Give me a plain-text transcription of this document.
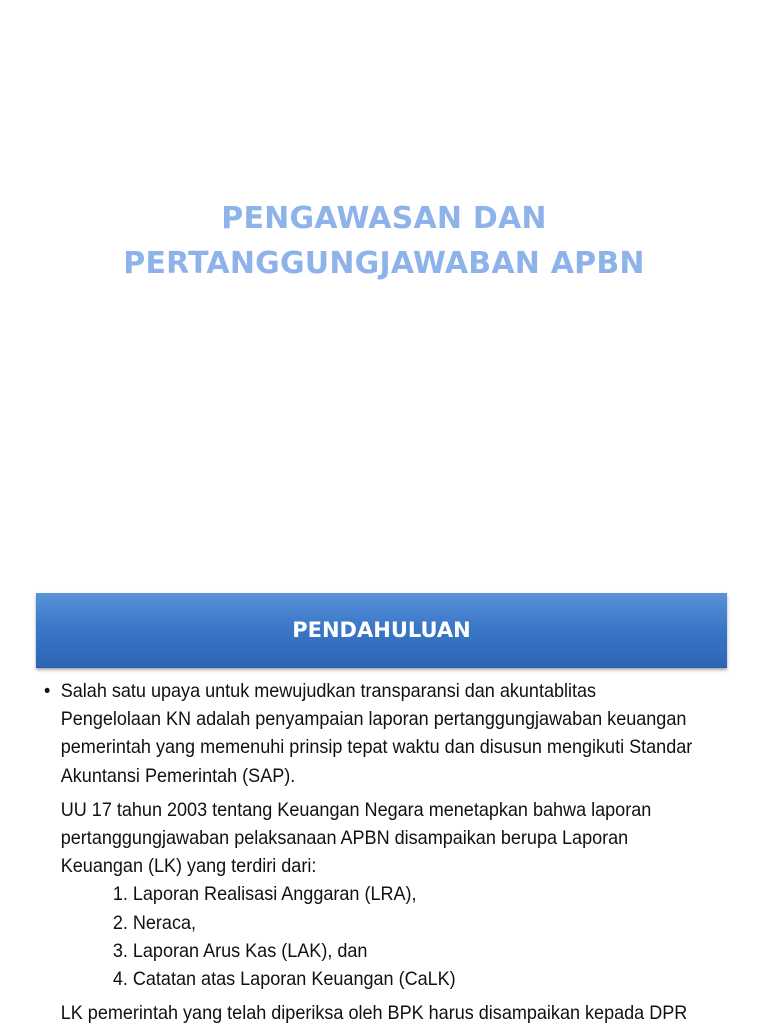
PENGAWASAN DAN
PERTANGGUNGJAWABAN APBN
PENDAHULUAN
• Salah satu upaya untuk mewujudkan transparansi dan akuntablitas
Pengelolaan KN adalah penyampaian laporan pertanggungjawaban keuangan
pemerintah yang memenuhi prinsip tepat waktu dan disusun mengikuti Standar
Akuntansi Pemerintah (SAP).
UU 17 tahun 2003 tentang Keuangan Negara menetapkan bahwa laporan
pertanggungjawaban pelaksanaan APBN disampaikan berupa Laporan
Keuangan (LK) yang terdiri dari:
1. Laporan Realisasi Anggaran (LRA),
2. Neraca,
3. Laporan Arus Kas (LAK), dan
4. Catatan atas Laporan Keuangan (CaLK)
LK pemerintah yang telah diperiksa oleh BPK harus disampaikan kepada DPR
